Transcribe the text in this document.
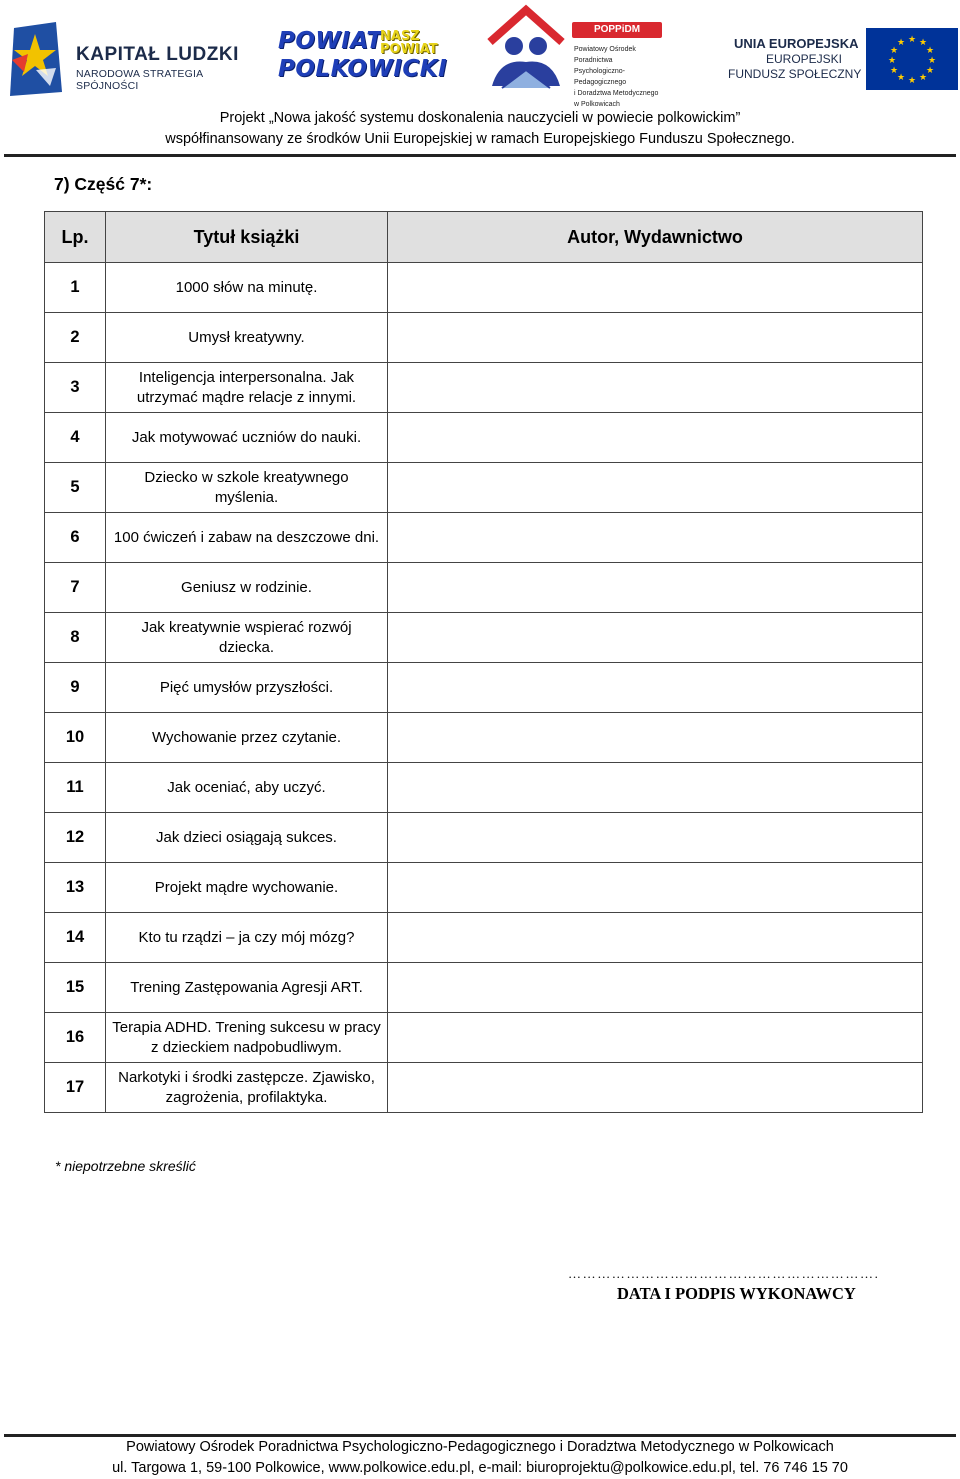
KAPITAŁ LUDZKI
NARODOWA STRATEGIA SPÓJNOŚCI
POWIAT
POLKOWICKI
NASZ POWIAT
POPPiDM
Powiatowy Ośrodek Poradnictwa
Psychologiczno-Pedagogicznego
i Doradztwa Metodycznego
w Polkowicach
UNIA EUROPEJSKA
EUROPEJSKI
FUNDUSZ SPOŁECZNY
★ ★
★
★
★
★
★
★
★
★
★
★
Projekt „Nowa jakość systemu doskonalenia nauczycieli w powiecie polkowickim”
współfinansowany ze środków Unii Europejskiej w ramach Europejskiego Funduszu Społecznego.
7) Część 7*:
Lp.	Tytuł książki	Autor, Wydawnictwo
1	1000 słów na minutę.	
2	Umysł kreatywny.	
3	Inteligencja interpersonalna. Jak utrzymać mądre relacje z innymi.	
4	Jak motywować uczniów do nauki.	
5	Dziecko w szkole kreatywnego myślenia.	
6	100 ćwiczeń i zabaw na deszczowe dni.	
7	Geniusz w rodzinie.	
8	Jak kreatywnie wspierać rozwój dziecka.	
9	Pięć umysłów przyszłości.	
10	Wychowanie przez czytanie.	
11	Jak oceniać, aby uczyć.	
12	Jak dzieci osiągają sukces.	
13	Projekt mądre wychowanie.	
14	Kto tu rządzi – ja czy mój mózg?	
15	Trening Zastępowania Agresji ART.	
16	Terapia ADHD. Trening sukcesu w pracy z dzieckiem nadpobudliwym.	
17	Narkotyki i środki zastępcze. Zjawisko, zagrożenia, profilaktyka.	
* niepotrzebne skreślić
……………………………………………………….
DATA I PODPIS WYKONAWCY
Powiatowy Ośrodek Poradnictwa Psychologiczno-Pedagogicznego i Doradztwa Metodycznego w Polkowicach
ul. Targowa 1, 59-100 Polkowice, www.polkowice.edu.pl, e-mail: biuroprojektu@polkowice.edu.pl, tel. 76 746 15 70
